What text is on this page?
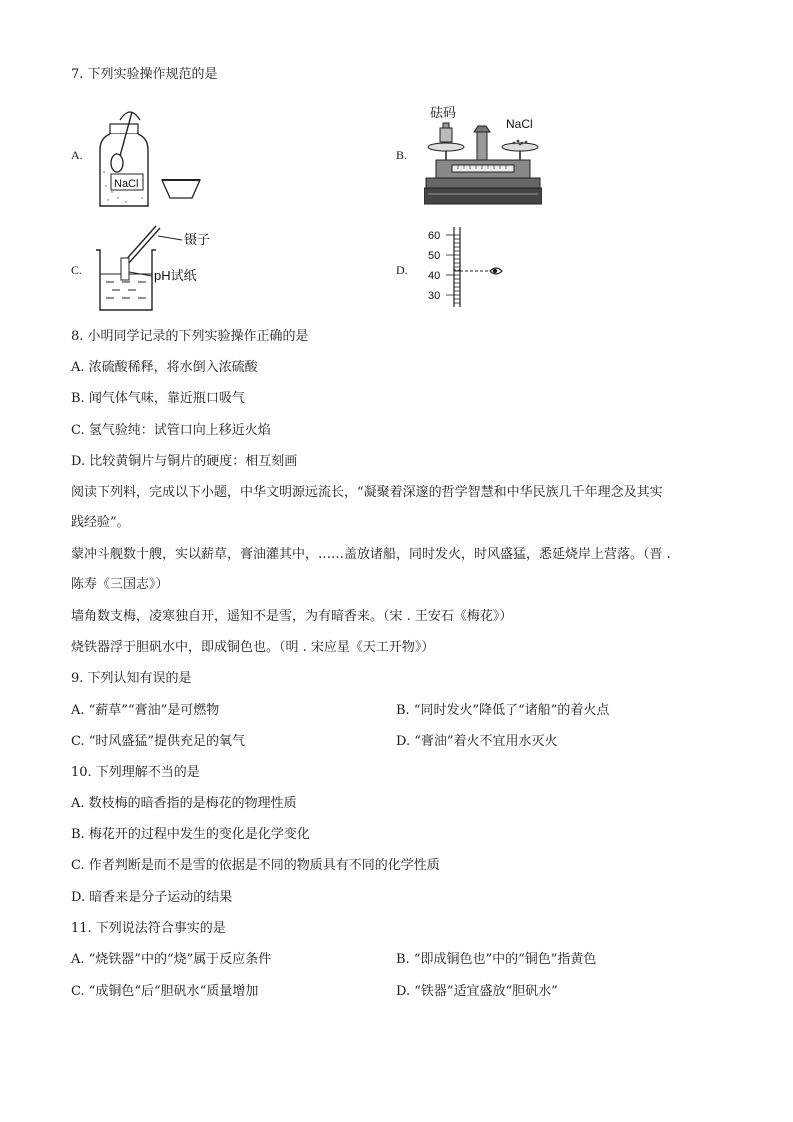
7. 下列实验操作规范的是
A.
NaCl
B.
砝码
NaCl
C.
镊子
pH试纸	D.
60
50
40
30
8. 小明同学记录的下列实验操作正确的是
A. 浓硫酸稀释，将水倒入浓硫酸
B. 闻气体气味，靠近瓶口吸气
C. 氢气验纯：试管口向上移近火焰
D. 比较黄铜片与铜片的硬度：相互刻画
阅读下列料，完成以下小题，中华文明源远流长，“凝聚着深邃的哲学智慧和中华民族几千年理念及其实
践经验”。
蒙冲斗舰数十艘，实以薪草，膏油灌其中，……盖放诸船，同时发火，时风盛猛，悉延烧岸上营落。（晋 .
陈寿《三国志》）
墙角数支梅，凌寒独自开，遥知不是雪，为有暗香来。（宋 . 王安石《梅花》）
烧铁器浮于胆矾水中，即成铜色也。（明 . 宋应星《天工开物》）
9. 下列认知有误的是
A. “薪草”“膏油”是可燃物	B. “同时发火”降低了“诸船”的着火点
C. “时风盛猛”提供充足的氧气	D. “膏油”着火不宜用水灭火
10. 下列理解不当的是
A. 数枝梅的暗香指的是梅花的物理性质
B. 梅花开的过程中发生的变化是化学变化
C. 作者判断是而不是雪的依据是不同的物质具有不同的化学性质
D. 暗香来是分子运动的结果
11. 下列说法符合事实的是
A. “烧铁器”中的“烧”属于反应条件	B. “即成铜色也”中的“铜色”指黄色
C. “成铜色“后“胆矾水“质量增加	D. “铁器”适宜盛放“胆矾水”
